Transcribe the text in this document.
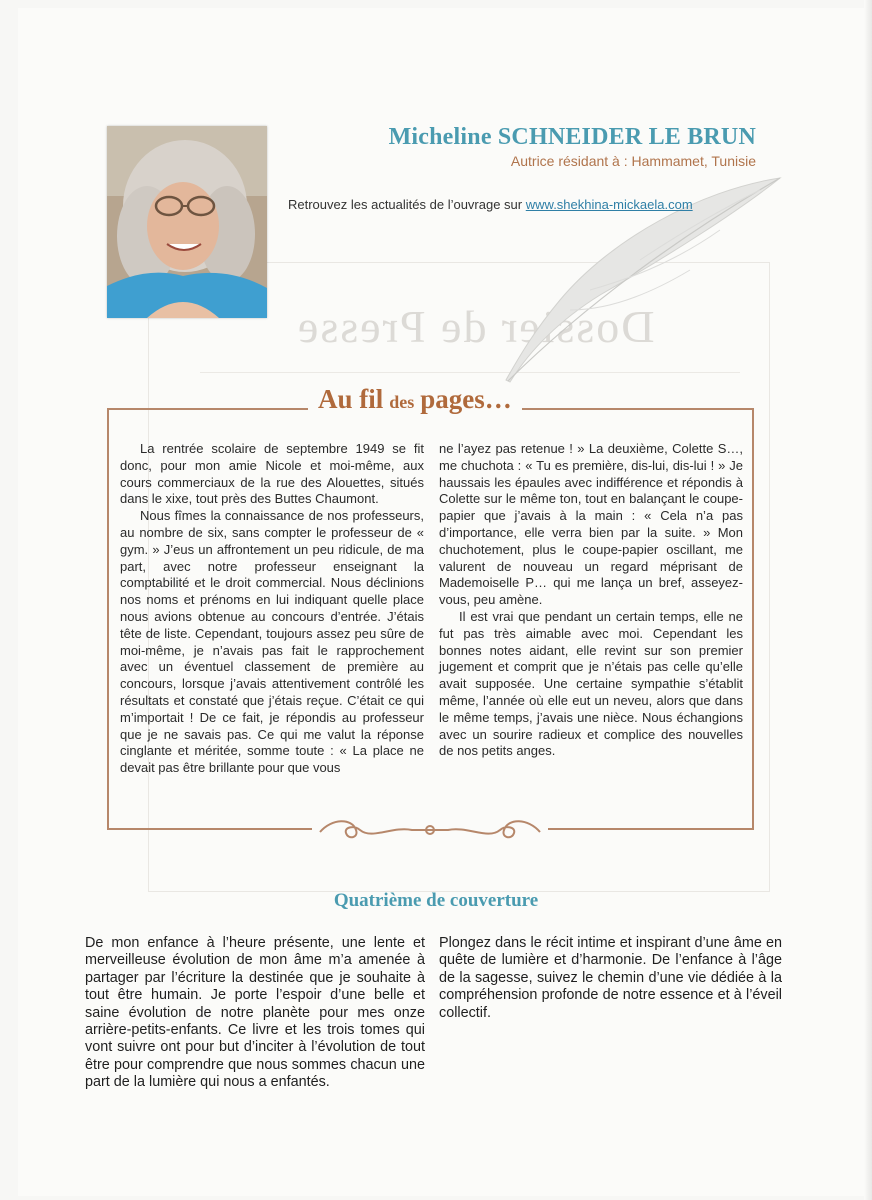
Dossier de Presse
Micheline SCHNEIDER LE BRUN

Autrice résidant à : Hammamet, Tunisie

Retrouvez les actualités de l’ouvrage sur www.shekhina-mickaela.com

Au fil des pages…

La rentrée scolaire de septembre 1949 se fit donc, pour mon amie Nicole et moi-même, aux cours commerciaux de la rue des Alouettes, situés dans le xixe, tout près des Buttes Chaumont.

Nous fîmes la connaissance de nos professeurs, au nombre de six, sans compter le professeur de « gym. » J’eus un affrontement un peu ridicule, de ma part, avec notre professeur enseignant la comptabilité et le droit commercial. Nous déclinions nos noms et prénoms en lui indiquant quelle place nous avions obtenue au concours d’entrée. J’étais tête de liste. Cependant, toujours assez peu sûre de moi-même, je n’avais pas fait le rapprochement avec un éventuel classement de première au concours, lorsque j’avais attentivement contrôlé les résultats et constaté que j’étais reçue. C’était ce qui m’importait ! De ce fait, je répondis au professeur que je ne savais pas. Ce qui me valut la réponse cinglante et méritée, somme toute : « La place ne devait pas être brillante pour que vous

ne l’ayez pas retenue ! » La deuxième, Colette S…, me chuchota : « Tu es première, dis-lui, dis-lui ! » Je haussais les épaules avec indifférence et répondis à Colette sur le même ton, tout en balançant le coupe-papier que j’avais à la main : « Cela n’a pas d’importance, elle verra bien par la suite. » Mon chuchotement, plus le coupe-papier oscillant, me valurent de nouveau un regard méprisant de Mademoiselle P… qui me lança un bref, asseyez-vous, peu amène.

Il est vrai que pendant un certain temps, elle ne fut pas très aimable avec moi. Cependant les bonnes notes aidant, elle revint sur son premier jugement et comprit que je n’étais pas celle qu’elle avait supposée. Une certaine sympathie s’établit même, l’année où elle eut un neveu, alors que dans le même temps, j’avais une nièce. Nous échangions avec un sourire radieux et complice des nouvelles de nos petits anges.

Quatrième de couverture

De mon enfance à l’heure présente, une lente et merveilleuse évolution de mon âme m’a amenée à partager par l’écriture la destinée que je souhaite à tout être humain. Je porte l’espoir d’une belle et saine évolution de notre planète pour mes onze arrière-petits-enfants. Ce livre et les trois tomes qui vont suivre ont pour but d’inciter à l’évolution de tout être pour comprendre que nous sommes chacun une part de la lumière qui nous a enfantés.

Plongez dans le récit intime et inspirant d’une âme en quête de lumière et d’harmonie. De l’enfance à l’âge de la sagesse, suivez le chemin d’une vie dédiée à la compréhension profonde de notre essence et à l’éveil collectif.
